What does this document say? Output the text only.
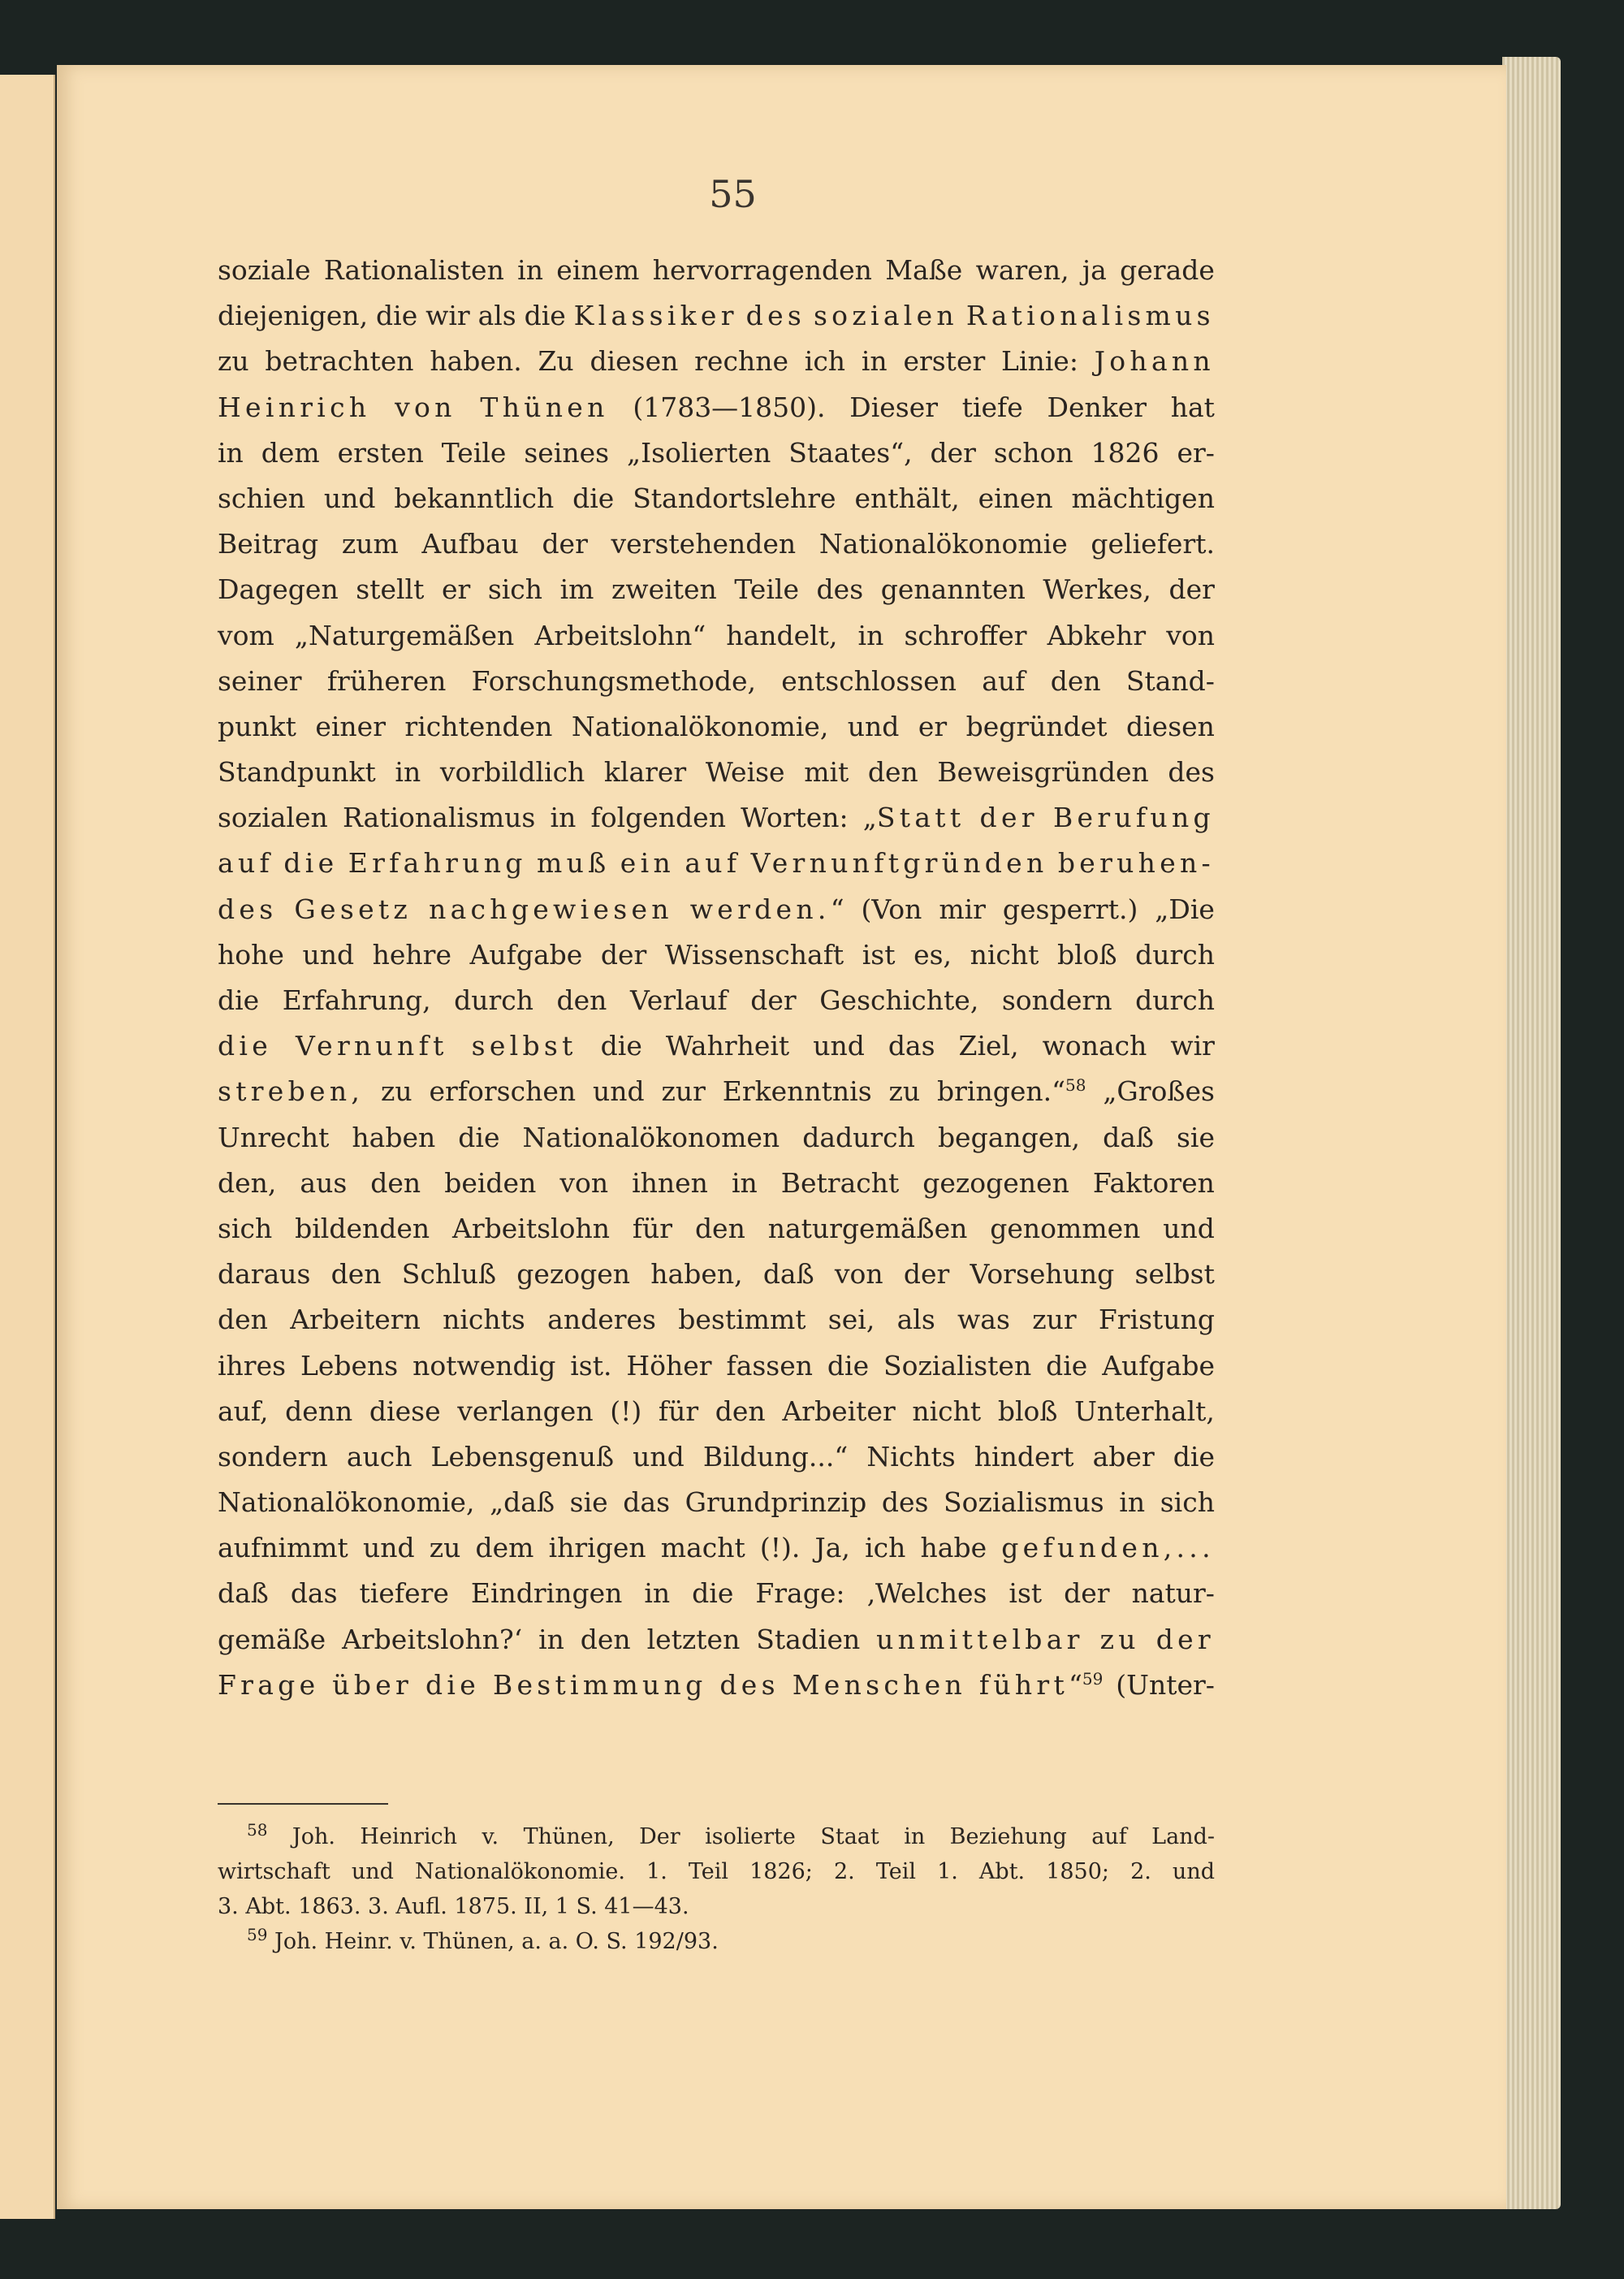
55
soziale Rationalisten in einem hervorragenden Maße waren, ja gerade
diejenigen, die wir als die Klassiker des sozialen Rationalismus
zu betrachten haben. Zu diesen rechne ich in erster Linie: Johann
Heinrich von Thünen (1783—1850). Dieser tiefe Denker hat
in dem ersten Teile seines „Isolierten Staates“, der schon 1826 er-
schien und bekanntlich die Standortslehre enthält, einen mächtigen
Beitrag zum Aufbau der verstehenden Nationalökonomie geliefert.
Dagegen stellt er sich im zweiten Teile des genannten Werkes, der
vom „Naturgemäßen Arbeitslohn“ handelt, in schroffer Abkehr von
seiner früheren Forschungsmethode, entschlossen auf den Stand-
punkt einer richtenden Nationalökonomie, und er begründet diesen
Standpunkt in vorbildlich klarer Weise mit den Beweisgründen des
sozialen Rationalismus in folgenden Worten: „Statt der Berufung
auf die Erfahrung muß ein auf Vernunftgründen beruhen-
des Gesetz nachgewiesen werden.“ (Von mir gesperrt.) „Die
hohe und hehre Aufgabe der Wissenschaft ist es, nicht bloß durch
die Erfahrung, durch den Verlauf der Geschichte, sondern durch
die Vernunft selbst die Wahrheit und das Ziel, wonach wir
streben, zu erforschen und zur Erkenntnis zu bringen.“$^{58}$ „Großes
Unrecht haben die Nationalökonomen dadurch begangen, daß sie
den, aus den beiden von ihnen in Betracht gezogenen Faktoren
sich bildenden Arbeitslohn für den naturgemäßen genommen und
daraus den Schluß gezogen haben, daß von der Vorsehung selbst
den Arbeitern nichts anderes bestimmt sei, als was zur Fristung
ihres Lebens notwendig ist. Höher fassen die Sozialisten die Aufgabe
auf, denn diese verlangen (!) für den Arbeiter nicht bloß Unterhalt,
sondern auch Lebensgenuß und Bildung...“ Nichts hindert aber die
Nationalökonomie, „daß sie das Grundprinzip des Sozialismus in sich
aufnimmt und zu dem ihrigen macht (!). Ja, ich habe gefunden,...
daß das tiefere Eindringen in die Frage: ‚Welches ist der natur-
gemäße Arbeitslohn?‘ in den letzten Stadien unmittelbar zu der
Frage über die Bestimmung des Menschen führt“$^{59}$ (Unter-
$^{58}$ Joh. Heinrich v. Thünen, Der isolierte Staat in Beziehung auf Land-
wirtschaft und Nationalökonomie. 1. Teil 1826; 2. Teil 1. Abt. 1850; 2. und
3. Abt. 1863. 3. Aufl. 1875. II, 1 S. 41—43.
$^{59}$ Joh. Heinr. v. Thünen, a. a. O. S. 192/93.
